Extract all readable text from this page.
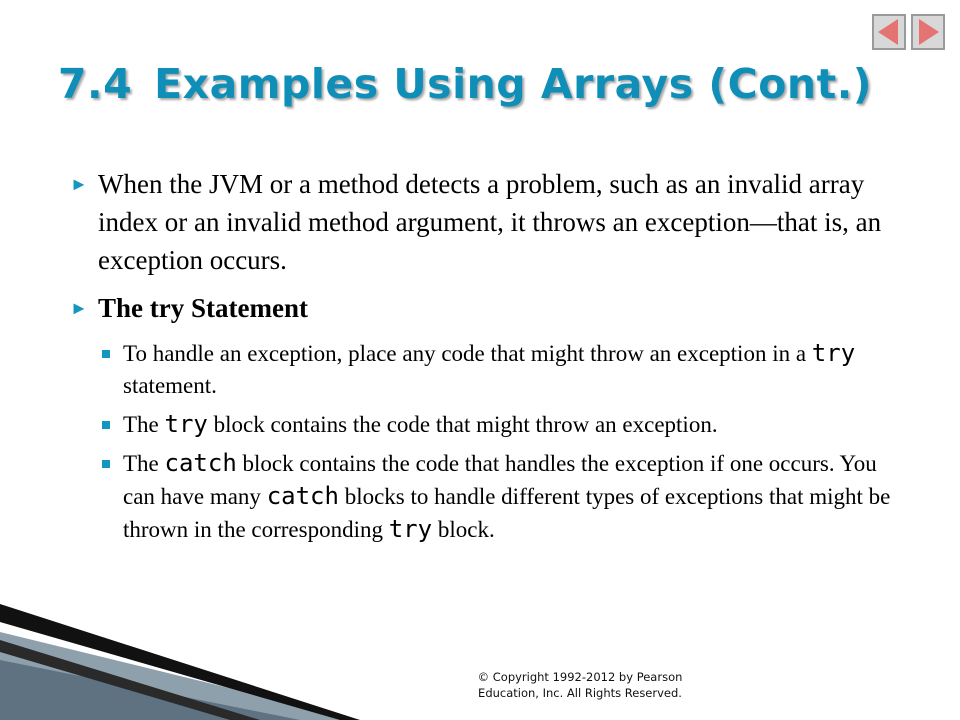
7.4 Examples Using Arrays (Cont.)
► When the JVM or a method detects a problem, such as an invalid array index or an invalid method argument, it throws an exception—that is, an exception occurs.
► The try Statement
To handle an exception, place any code that might throw an exception in a try statement.
The try block contains the code that might throw an exception.
The catch block contains the code that handles the exception if one occurs. You can have many catch blocks to handle different types of exceptions that might be thrown in the corresponding try block.
© Copyright 1992-2012 by Pearson
Education, Inc. All Rights Reserved.
